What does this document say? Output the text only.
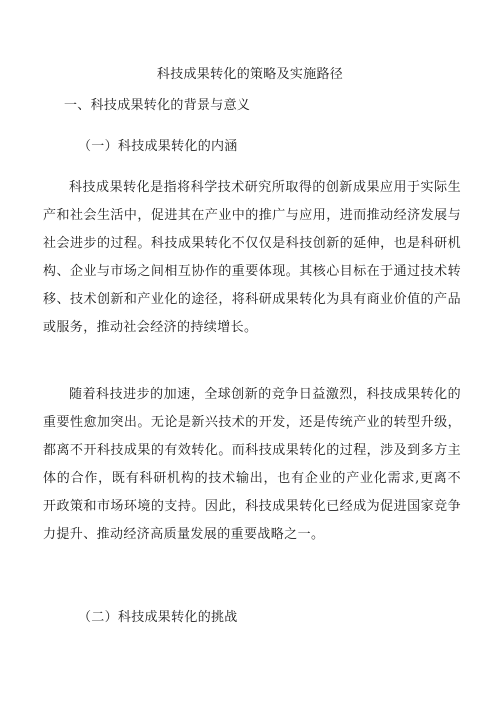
科技成果转化的策略及实施路径
一、科技成果转化的背景与意义
（一）科技成果转化的内涵

科技成果转化是指将科学技术研究所取得的创新成果应用于实际生产和社会生活中，促进其在产业中的推广与应用，进而推动经济发展与社会进步的过程。科技成果转化不仅仅是科技创新的延伸，也是科研机构、企业与市场之间相互协作的重要体现。其核心目标在于通过技术转移、技术创新和产业化的途径，将科研成果转化为具有商业价值的产品或服务，推动社会经济的持续增长。

随着科技进步的加速，全球创新的竞争日益激烈，科技成果转化的重要性愈加突出。无论是新兴技术的开发，还是传统产业的转型升级，都离不开科技成果的有效转化。而科技成果转化的过程，涉及到多方主体的合作，既有科研机构的技术输出，也有企业的产业化需求,更离不开政策和市场环境的支持。因此，科技成果转化已经成为促进国家竞争力提升、推动经济高质量发展的重要战略之一。

（二）科技成果转化的挑战
